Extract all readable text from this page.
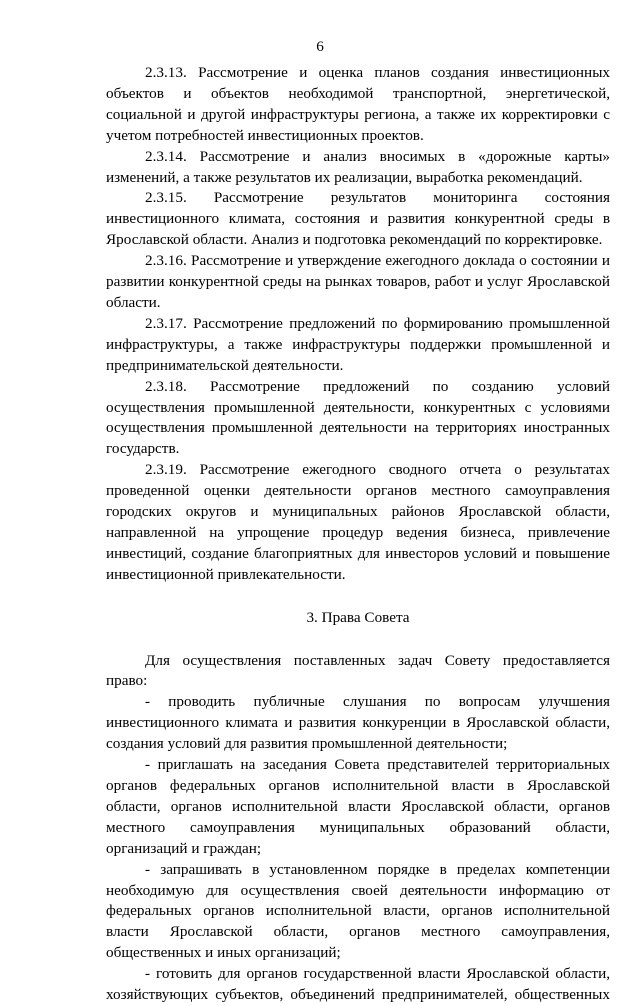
6

2.3.13. Рассмотрение и оценка планов создания инвестиционных объектов и объектов необходимой транспортной, энергетической, социальной и другой инфраструктуры региона, а также их корректировки с учетом потребностей инвестиционных проектов.

2.3.14. Рассмотрение и анализ вносимых в «дорожные карты» изменений, а также результатов их реализации, выработка рекомендаций.

2.3.15. Рассмотрение результатов мониторинга состояния инвестиционного климата, состояния и развития конкурентной среды в Ярославской области. Анализ и подготовка рекомендаций по корректировке.

2.3.16. Рассмотрение и утверждение ежегодного доклада о состоянии и развитии конкурентной среды на рынках товаров, работ и услуг Ярославской области.

2.3.17. Рассмотрение предложений по формированию промышленной инфраструктуры, а также инфраструктуры поддержки промышленной и предпринимательской деятельности.

2.3.18. Рассмотрение предложений по созданию условий осуществления промышленной деятельности, конкурентных с условиями осуществления промышленной деятельности на территориях иностранных государств.

2.3.19. Рассмотрение ежегодного сводного отчета о результатах проведенной оценки деятельности органов местного самоуправления городских округов и муниципальных районов Ярославской области, направленной на упрощение процедур ведения бизнеса, привлечение инвестиций, создание благоприятных для инвесторов условий и повышение инвестиционной привлекательности.

3. Права Совета

Для осуществления поставленных задач Совету предоставляется право:

- проводить публичные слушания по вопросам улучшения инвестиционного климата и развития конкуренции в Ярославской области, создания условий для развития промышленной деятельности;

- приглашать на заседания Совета представителей территориальных органов федеральных органов исполнительной власти в Ярославской области, органов исполнительной власти Ярославской области, органов местного самоуправления муниципальных образований области, организаций и граждан;

- запрашивать в установленном порядке в пределах компетенции необходимую для осуществления своей деятельности информацию от федеральных органов исполнительной власти, органов исполнительной власти Ярославской области, органов местного самоуправления, общественных и иных организаций;

- готовить для органов государственной власти Ярославской области, хозяйствующих субъектов, объединений предпринимателей, общественных
